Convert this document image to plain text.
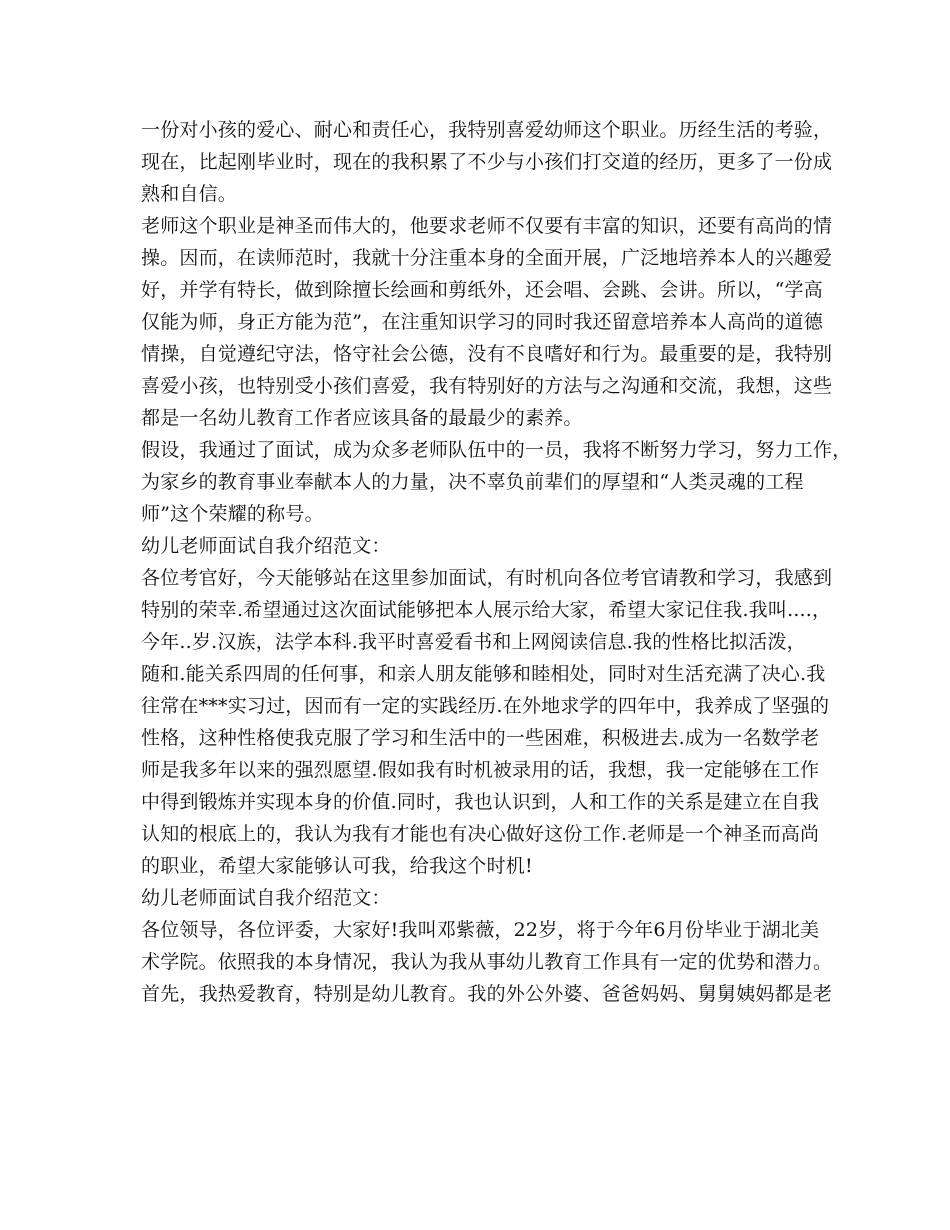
一份对小孩的爱心、耐心和责任心，我特别喜爱幼师这个职业。历经生活的考验，
现在，比起刚毕业时，现在的我积累了不少与小孩们打交道的经历，更多了一份成
熟和自信。
老师这个职业是神圣而伟大的，他要求老师不仅要有丰富的知识，还要有高尚的情
操。因而，在读师范时，我就十分注重本身的全面开展，广泛地培养本人的兴趣爱
好，并学有特长，做到除擅长绘画和剪纸外，还会唱、会跳、会讲。所以，“学高
仅能为师，身正方能为范”，在注重知识学习的同时我还留意培养本人高尚的道德
情操，自觉遵纪守法，恪守社会公德，没有不良嗜好和行为。最重要的是，我特别
喜爱小孩，也特别受小孩们喜爱，我有特别好的方法与之沟通和交流，我想，这些
都是一名幼儿教育工作者应该具备的最最少的素养。
假设，我通过了面试，成为众多老师队伍中的一员，我将不断努力学习，努力工作，
为家乡的教育事业奉献本人的力量，决不辜负前辈们的厚望和“人类灵魂的工程
师”这个荣耀的称号。
幼儿老师面试自我介绍范文：
各位考官好，今天能够站在这里参加面试，有时机向各位考官请教和学习，我感到
特别的荣幸.希望通过这次面试能够把本人展示给大家，希望大家记住我.我叫....，
今年..岁.汉族，法学本科.我平时喜爱看书和上网阅读信息.我的性格比拟活泼，
随和.能关系四周的任何事，和亲人朋友能够和睦相处，同时对生活充满了决心.我
往常在***实习过，因而有一定的实践经历.在外地求学的四年中，我养成了坚强的
性格，这种性格使我克服了学习和生活中的一些困难，积极进去.成为一名数学老
师是我多年以来的强烈愿望.假如我有时机被录用的话，我想，我一定能够在工作
中得到锻炼并实现本身的价值.同时，我也认识到，人和工作的关系是建立在自我
认知的根底上的，我认为我有才能也有决心做好这份工作.老师是一个神圣而高尚
的职业，希望大家能够认可我，给我这个时机!
幼儿老师面试自我介绍范文：
各位领导，各位评委，大家好!我叫邓紫薇，22岁，将于今年6月份毕业于湖北美
术学院。依照我的本身情况，我认为我从事幼儿教育工作具有一定的优势和潜力。
首先，我热爱教育，特别是幼儿教育。我的外公外婆、爸爸妈妈、舅舅姨妈都是老
